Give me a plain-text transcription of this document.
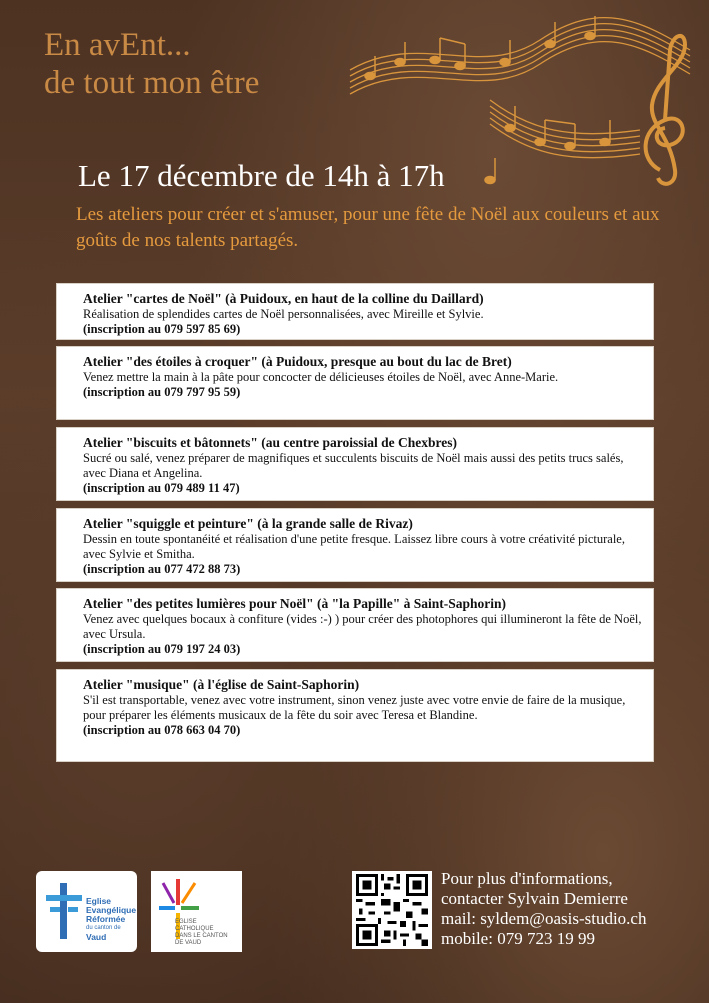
En avEnt...
de tout mon être
Le 17 décembre de 14h à 17h
Les ateliers pour créer et s'amuser, pour une fête de Noël aux couleurs et aux goûts de nos talents partagés.
Atelier "cartes de Noël" (à Puidoux, en haut de la colline du Daillard)
Réalisation de splendides cartes de Noël personnalisées, avec Mireille et Sylvie.
(inscription au 079 597 85 69)
Atelier "des étoiles à croquer" (à Puidoux, presque au bout du lac de Bret)
Venez mettre la main à la pâte pour concocter de délicieuses étoiles de Noël, avec Anne-Marie.
(inscription au 079 797 95 59)
Atelier "biscuits et bâtonnets" (au centre paroissial de Chexbres)
Sucré ou salé, venez préparer de magnifiques et succulents biscuits de Noël mais aussi des petits trucs salés, avec Diana et Angelina.
(inscription au 079 489 11 47)
Atelier "squiggle et peinture" (à la grande salle de Rivaz)
Dessin en toute spontanéité et réalisation d'une petite fresque. Laissez libre cours à votre créativité picturale, avec Sylvie et Smitha.
(inscription au 077 472 88 73)
Atelier "des petites lumières pour Noël" (à "la Papille" à Saint-Saphorin)
Venez avec quelques bocaux à confiture (vides :-) ) pour créer des photophores qui illumineront la fête de Noël, avec Ursula.
(inscription au 079 197 24 03)
Atelier "musique" (à l'église de Saint-Saphorin)
S'il est transportable, venez avec votre instrument, sinon venez juste avec votre envie de faire de la musique, pour préparer les éléments musicaux de la fête du soir avec Teresa et Blandine.
(inscription au 078 663 04 70)
Eglise
Evangélique
Réformée
du canton de
Vaud
EGLISE
CATHOLIQUE
DANS LE CANTON
DE VAUD
Pour plus d'informations,
contacter Sylvain Demierre
mail: syldem@oasis-studio.ch
mobile: 079 723 19 99
